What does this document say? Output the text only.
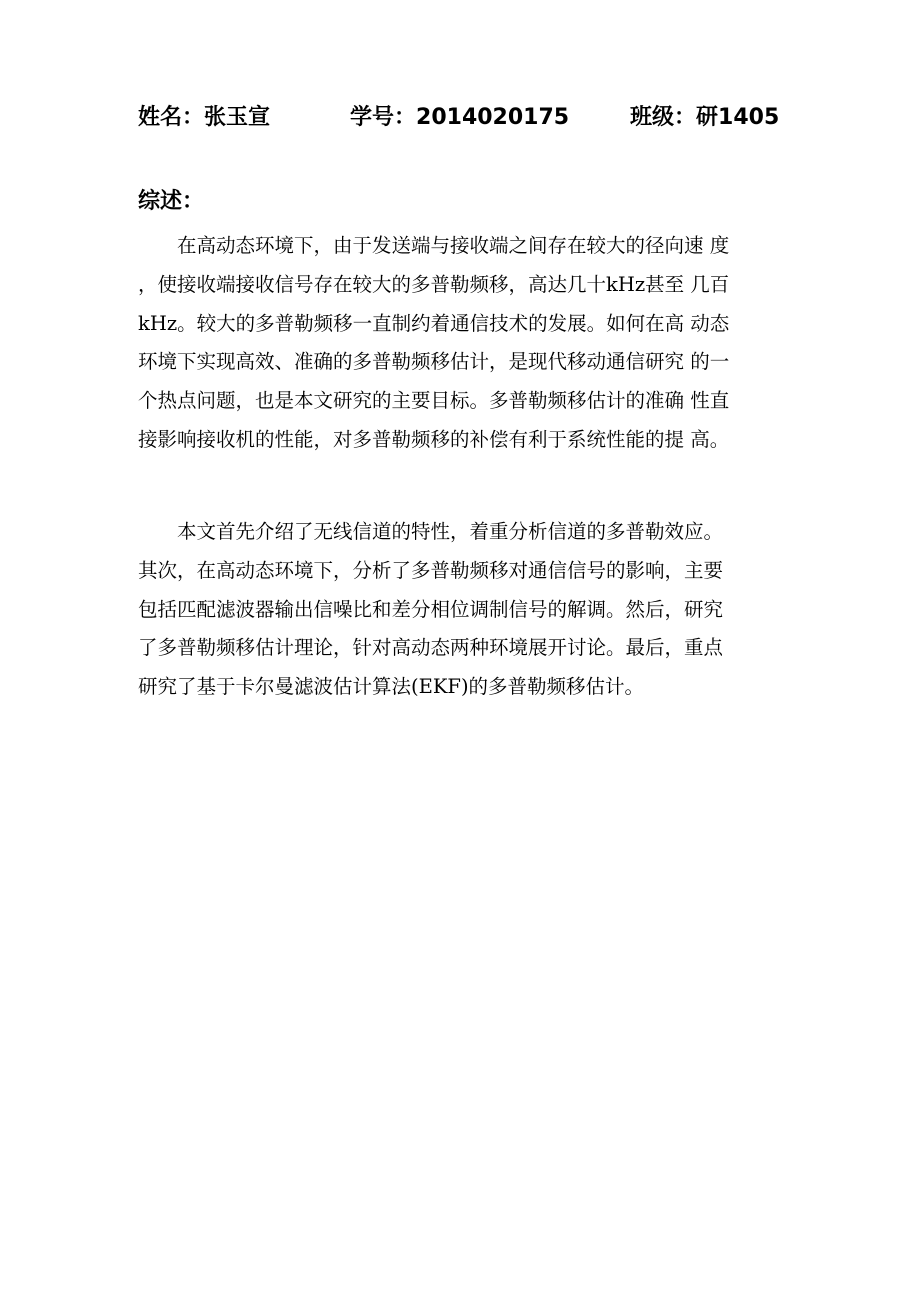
姓名：张玉宣	学号：2014020175	班级：研1405
综述：
　　在高动态环境下，由于发送端与接收端之间存在较大的径向速 度
，使接收端接收信号存在较大的多普勒频移，高达几十kHz甚至 几百
kHz。较大的多普勒频移一直制约着通信技术的发展。如何在高 动态
环境下实现高效、准确的多普勒频移估计，是现代移动通信研究 的一
个热点问题，也是本文研究的主要目标。多普勒频移估计的准确 性直
接影响接收机的性能，对多普勒频移的补偿有利于系统性能的提 高。
　　本文首先介绍了无线信道的特性，着重分析信道的多普勒效应。
其次，在高动态环境下，分析了多普勒频移对通信信号的影响，主要
包括匹配滤波器输出信噪比和差分相位调制信号的解调。然后，研究
了多普勒频移估计理论，针对高动态两种环境展开讨论。最后，重点
研究了基于卡尔曼滤波估计算法(EKF)的多普勒频移估计。
